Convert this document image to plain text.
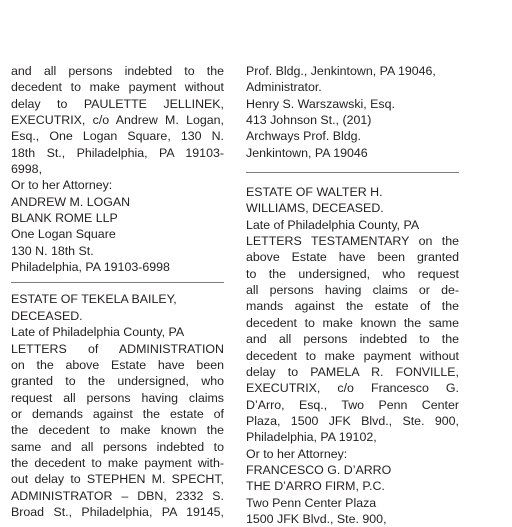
and all persons indebted to the
decedent to make payment without
delay to PAULETTE JELLINEK,
EXECUTRIX, c/o Andrew M. Logan,
Esq., One Logan Square, 130 N.
18th St., Philadelphia, PA 19103-
6998,
Or to her Attorney:
ANDREW M. LOGAN
BLANK ROME LLP
One Logan Square
130 N. 18th St.
Philadelphia, PA 19103-6998
ESTATE OF TEKELA BAILEY,
DECEASED.
Late of Philadelphia County, PA
LETTERS of ADMINISTRATION
on the above Estate have been
granted to the undersigned, who
request all persons having claims
or demands against the estate of
the decedent to make known the
same and all persons indebted to
the decedent to make payment with-
out delay to STEPHEN M. SPECHT,
ADMINISTRATOR – DBN, 2332 S.
Broad St., Philadelphia, PA 19145,
Prof. Bldg., Jenkintown, PA 19046,
Administrator.
Henry S. Warszawski, Esq.
413 Johnson St., (201)
Archways Prof. Bldg.
Jenkintown, PA 19046
ESTATE OF WALTER H.
WILLIAMS, DECEASED.
Late of Philadelphia County, PA
LETTERS TESTAMENTARY on the
above Estate have been granted
to the undersigned, who request
all persons having claims or de-
mands against the estate of the
decedent to make known the same
and all persons indebted to the
decedent to make payment without
delay to PAMELA R. FONVILLE,
EXECUTRIX, c/o Francesco G.
D’Arro, Esq., Two Penn Center
Plaza, 1500 JFK Blvd., Ste. 900,
Philadelphia, PA 19102,
Or to her Attorney:
FRANCESCO G. D’ARRO
THE D’ARRO FIRM, P.C.
Two Penn Center Plaza
1500 JFK Blvd., Ste. 900,
